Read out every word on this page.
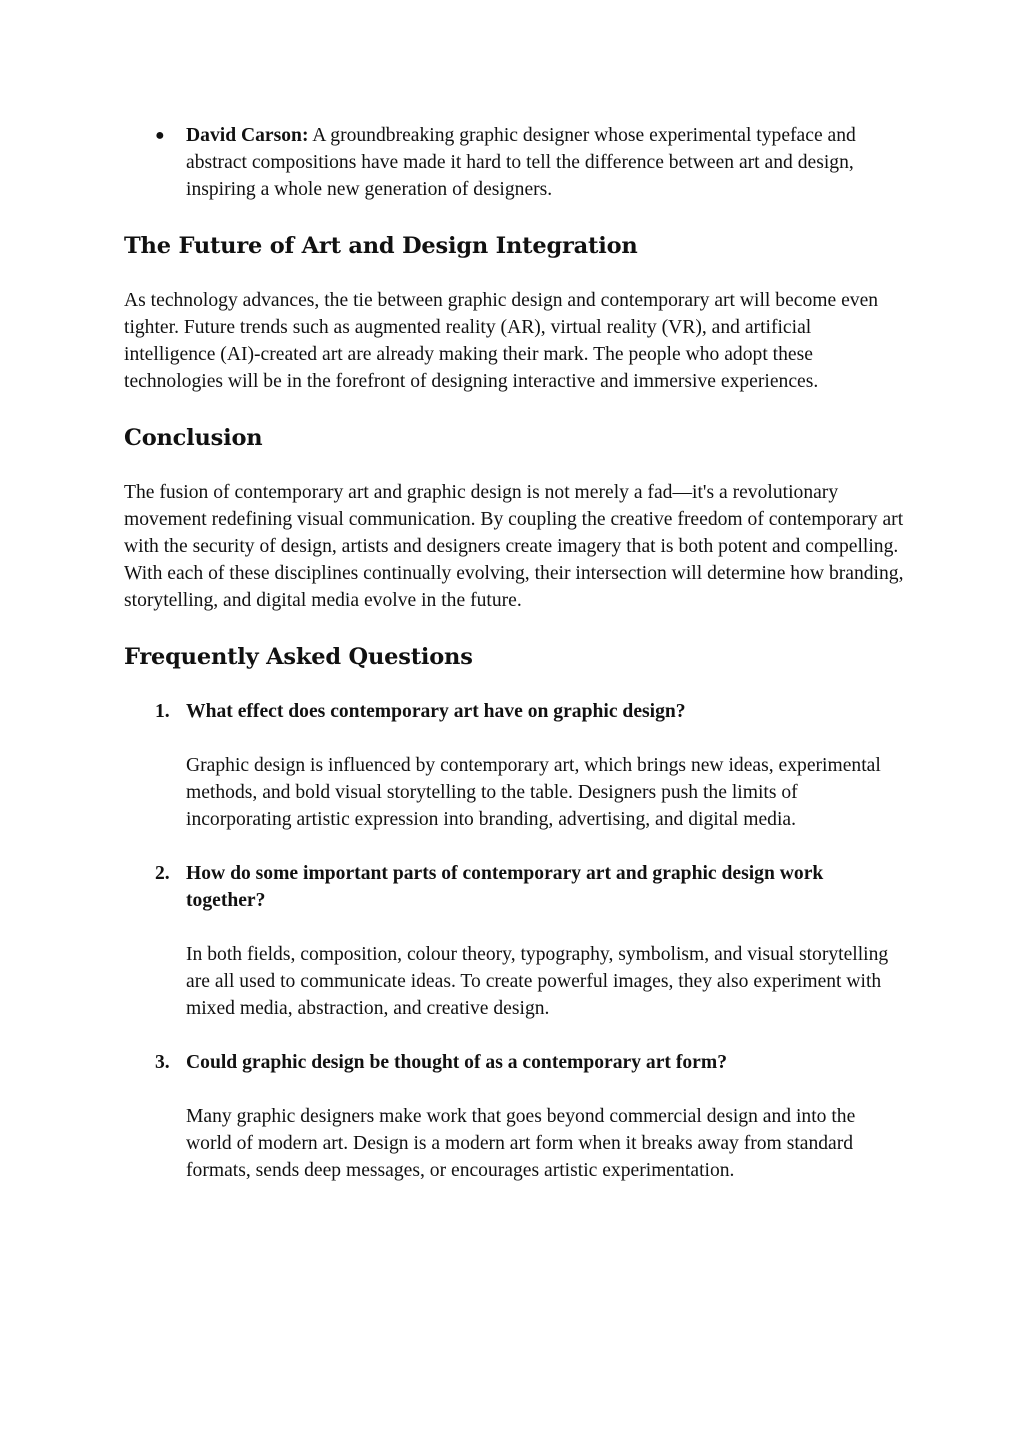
● David Carson: A groundbreaking graphic designer whose experimental typeface and abstract compositions have made it hard to tell the difference between art and design, inspiring a whole new generation of designers.
The Future of Art and Design Integration

As technology advances, the tie between graphic design and contemporary art will become even tighter. Future trends such as augmented reality (AR), virtual reality (VR), and artificial intelligence (AI)-created art are already making their mark. The people who adopt these technologies will be in the forefront of designing interactive and immersive experiences.

Conclusion

The fusion of contemporary art and graphic design is not merely a fad—it's a revolutionary movement redefining visual communication. By coupling the creative freedom of contemporary art with the security of design, artists and designers create imagery that is both potent and compelling. With each of these disciplines continually evolving, their intersection will determine how branding, storytelling, and digital media evolve in the future.

Frequently Asked Questions
1. What effect does contemporary art have on graphic design?

Graphic design is influenced by contemporary art, which brings new ideas, experimental methods, and bold visual storytelling to the table. Designers push the limits of incorporating artistic expression into branding, advertising, and digital media.

2. How do some important parts of contemporary art and graphic design work together?

In both fields, composition, colour theory, typography, symbolism, and visual storytelling are all used to communicate ideas. To create powerful images, they also experiment with mixed media, abstraction, and creative design.

3. Could graphic design be thought of as a contemporary art form?

Many graphic designers make work that goes beyond commercial design and into the world of modern art. Design is a modern art form when it breaks away from standard formats, sends deep messages, or encourages artistic experimentation.
